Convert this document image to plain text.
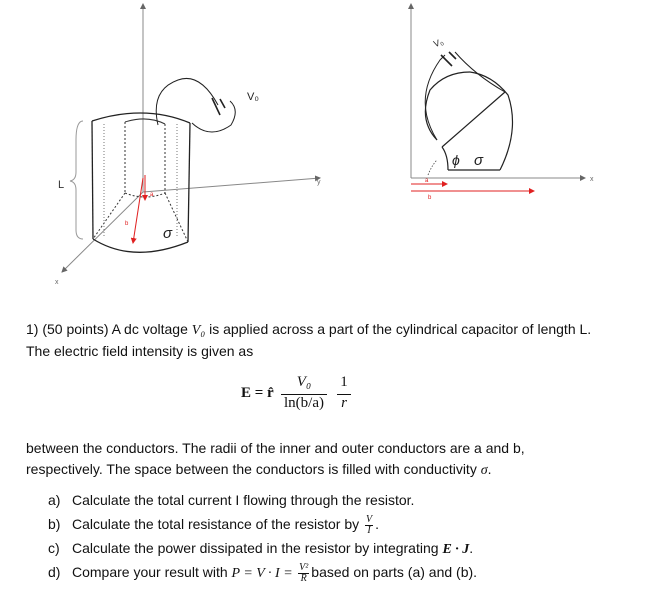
y
x
L
a
b
σ
V₀
x
ϕ σ
V₀
a
b

1) (50 points) A dc voltage V₀ is applied across a part of the cylindrical capacitor of length L.
The electric field intensity is given as

E = r̂
V₀
ln(b/a)
1
r

between the conductors. The radii of the inner and outer conductors are a and b,
respectively. The space between the conductors is filled with conductivity σ.

a) Calculate the total current I flowing through the resistor.
b) Calculate the total resistance of the resistor by $\frac{V}{I}$ .
c) Calculate the power dissipated in the resistor by integrating E · J.
d) Compare your result with $P = V \cdot I = \frac{\text{V²}}{R}$ based on parts (a) and (b).
